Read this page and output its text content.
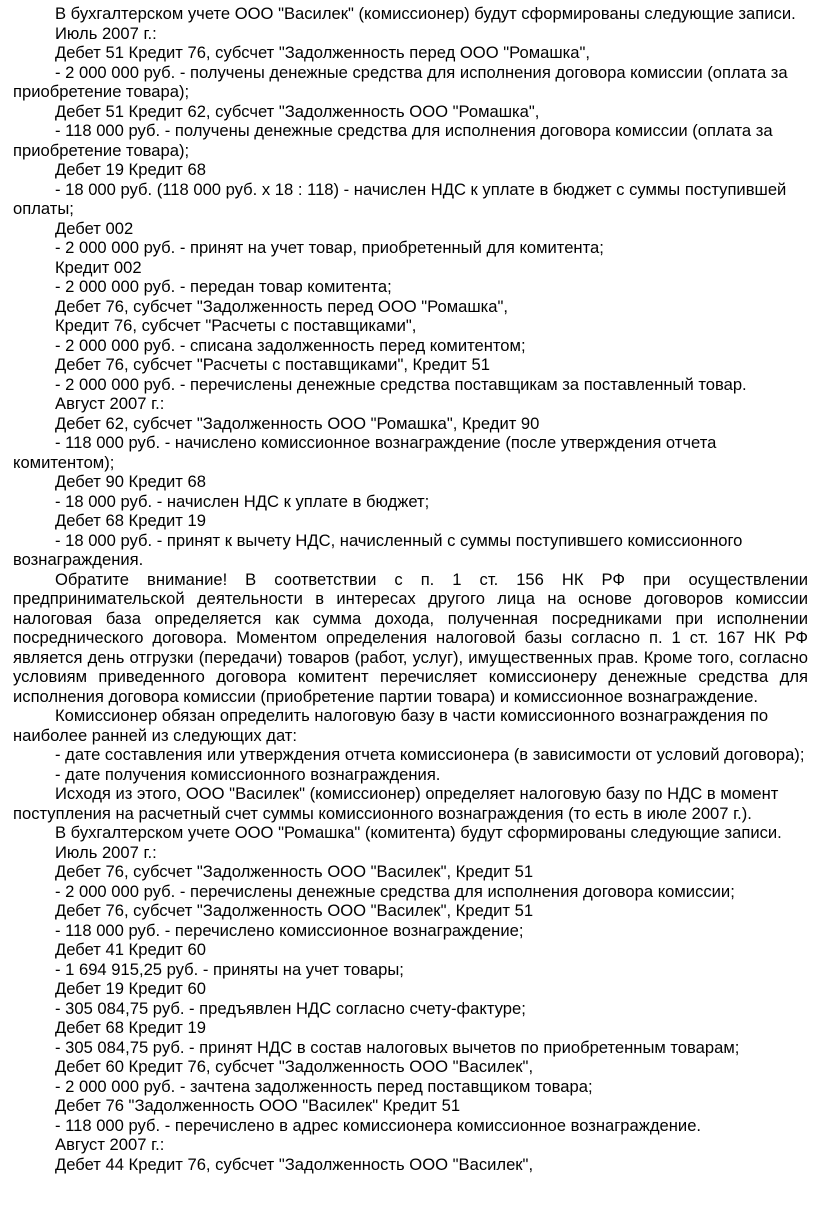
В бухгалтерском учете ООО "Василек" (комиссионер) будут сформированы следующие записи.

Июль 2007 г.:

Дебет 51 Кредит 76, субсчет "Задолженность перед ООО "Ромашка",

- 2 000 000 руб. - получены денежные средства для исполнения договора комиссии (оплата за приобретение товара);

Дебет 51 Кредит 62, субсчет "Задолженность ООО "Ромашка",

- 118 000 руб. - получены денежные средства для исполнения договора комиссии (оплата за приобретение товара);

Дебет 19 Кредит 68

- 18 000 руб. (118 000 руб. x 18 : 118) - начислен НДС к уплате в бюджет с суммы поступившей оплаты;

Дебет 002

- 2 000 000 руб. - принят на учет товар, приобретенный для комитента;

Кредит 002

- 2 000 000 руб. - передан товар комитента;

Дебет 76, субсчет "Задолженность перед ООО "Ромашка",

Кредит 76, субсчет "Расчеты с поставщиками",

- 2 000 000 руб. - списана задолженность перед комитентом;

Дебет 76, субсчет "Расчеты с поставщиками", Кредит 51

- 2 000 000 руб. - перечислены денежные средства поставщикам за поставленный товар.

Август 2007 г.:

Дебет 62, субсчет "Задолженность ООО "Ромашка", Кредит 90

- 118 000 руб. - начислено комиссионное вознаграждение (после утверждения отчета комитентом);

Дебет 90 Кредит 68

- 18 000 руб. - начислен НДС к уплате в бюджет;

Дебет 68 Кредит 19

- 18 000 руб. - принят к вычету НДС, начисленный с суммы поступившего комиссионного вознаграждения.

Обратите внимание! В соответствии с п. 1 ст. 156 НК РФ при осуществлении предпринимательской деятельности в интересах другого лица на основе договоров комиссии налоговая база определяется как сумма дохода, полученная посредниками при исполнении посреднического договора. Моментом определения налоговой базы согласно п. 1 ст. 167 НК РФ является день отгрузки (передачи) товаров (работ, услуг), имущественных прав. Кроме того, согласно условиям приведенного договора комитент перечисляет комиссионеру денежные средства для исполнения договора комиссии (приобретение партии товара) и комиссионное вознаграждение.

Комиссионер обязан определить налоговую базу в части комиссионного вознаграждения по наиболее ранней из следующих дат:

- дате составления или утверждения отчета комиссионера (в зависимости от условий договора);

- дате получения комиссионного вознаграждения.

Исходя из этого, ООО "Василек" (комиссионер) определяет налоговую базу по НДС в момент поступления на расчетный счет суммы комиссионного вознаграждения (то есть в июле 2007 г.).

В бухгалтерском учете ООО "Ромашка" (комитента) будут сформированы следующие записи.

Июль 2007 г.:

Дебет 76, субсчет "Задолженность ООО "Василек", Кредит 51

- 2 000 000 руб. - перечислены денежные средства для исполнения договора комиссии;

Дебет 76, субсчет "Задолженность ООО "Василек", Кредит 51

- 118 000 руб. - перечислено комиссионное вознаграждение;

Дебет 41 Кредит 60

- 1 694 915,25 руб. - приняты на учет товары;

Дебет 19 Кредит 60

- 305 084,75 руб. - предъявлен НДС согласно счету-фактуре;

Дебет 68 Кредит 19

- 305 084,75 руб. - принят НДС в состав налоговых вычетов по приобретенным товарам;

Дебет 60 Кредит 76, субсчет "Задолженность ООО "Василек",

- 2 000 000 руб. - зачтена задолженность перед поставщиком товара;

Дебет 76 "Задолженность ООО "Василек" Кредит 51

- 118 000 руб. - перечислено в адрес комиссионера комиссионное вознаграждение.

Август 2007 г.:

Дебет 44 Кредит 76, субсчет "Задолженность ООО "Василек",
